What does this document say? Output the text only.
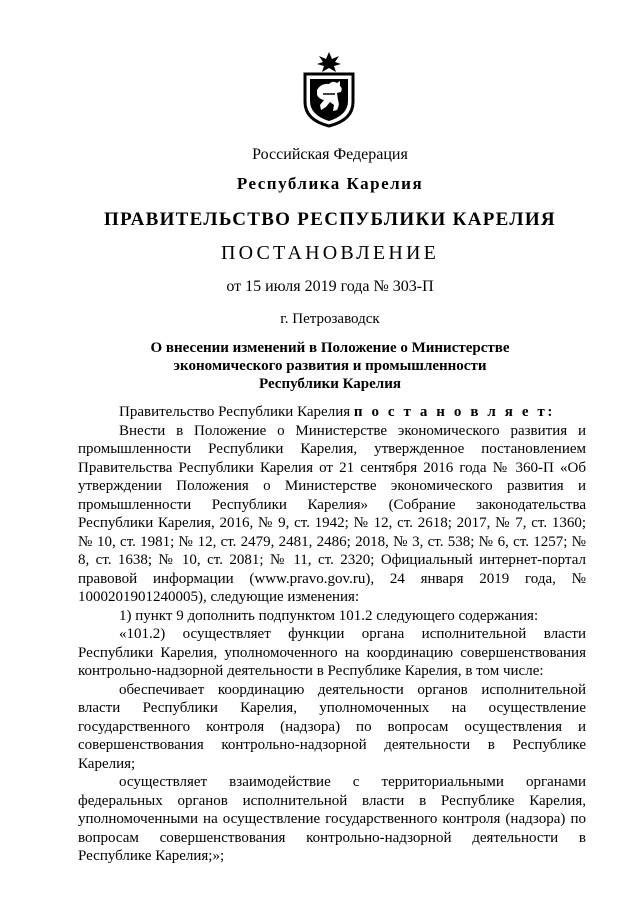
Российская Федерация
Республика Карелия
ПРАВИТЕЛЬСТВО РЕСПУБЛИКИ КАРЕЛИЯ
ПОСТАНОВЛЕНИЕ
от 15 июля 2019 года № 303-П
г. Петрозаводск
О внесении изменений в Положение о Министерстве
экономического развития и промышленности
Республики Карелия

Правительство Республики Карелия п о с т а н о в л я е т:

Внести в Положение о Министерстве экономического развития и промышленности Республики Карелия, утвержденное постановлением Правительства Республики Карелия от 21 сентября 2016 года № 360-П «Об утверждении Положения о Министерстве экономического развития и промышленности Республики Карелия» (Собрание законодательства Республики Карелия, 2016, № 9, ст. 1942; № 12, ст. 2618; 2017, № 7, ст. 1360; № 10, ст. 1981; № 12, ст. 2479, 2481, 2486; 2018, № 3, ст. 538; № 6, ст. 1257; № 8, ст. 1638; № 10, ст. 2081; № 11, ст. 2320; Официальный интернет-портал правовой информации (www.pravo.gov.ru), 24 января 2019 года, № 1000201901240005), следующие изменения:

1) пункт 9 дополнить подпунктом 101.2 следующего содержания:

«101.2) осуществляет функции органа исполнительной власти Республики Карелия, уполномоченного на координацию совершенствования контрольно-надзорной деятельности в Республике Карелия, в том числе:

обеспечивает координацию деятельности органов исполнительной власти Республики Карелия, уполномоченных на осуществление государственного контроля (надзора) по вопросам осуществления и совершенствования контрольно-надзорной деятельности в Республике Карелия;

осуществляет взаимодействие с территориальными органами федеральных органов исполнительной власти в Республике Карелия, уполномоченными на осуществление государственного контроля (надзора) по вопросам совершенствования контрольно-надзорной деятельности в Республике Карелия;»;
